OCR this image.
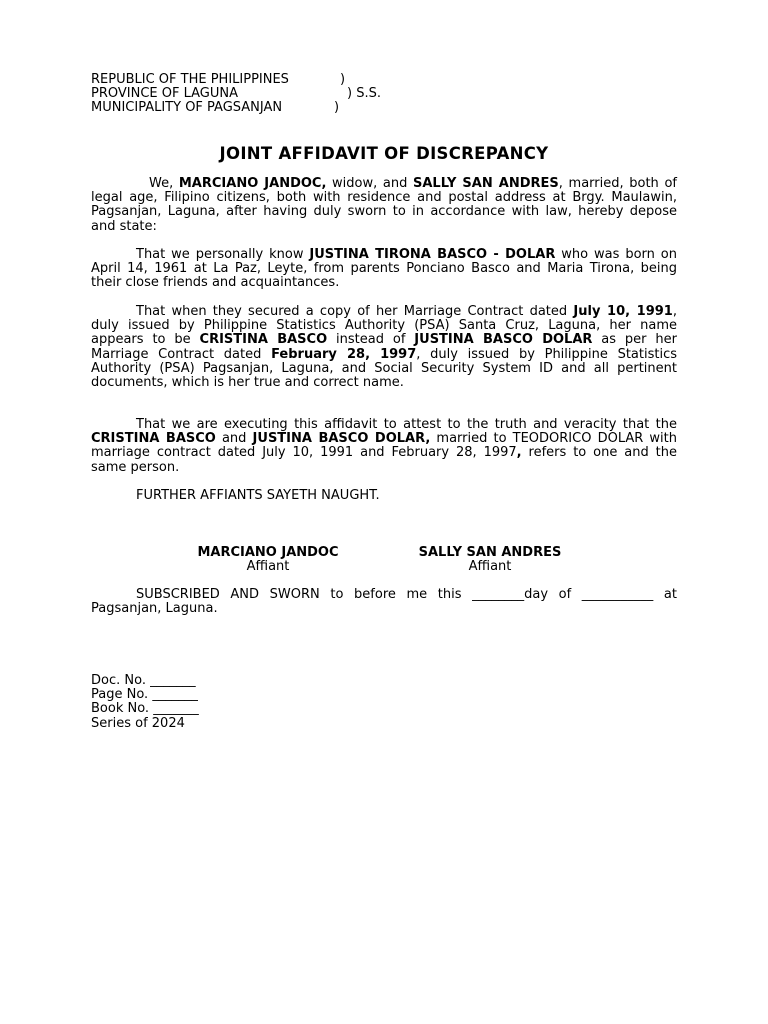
REPUBLIC OF THE PHILIPPINES	)
PROVINCE OF LAGUNA	) S.S.
MUNICIPALITY OF PAGSANJAN	)
JOINT AFFIDAVIT OF DISCREPANCY

We, MARCIANO JANDOC, widow, and SALLY SAN ANDRES, married, both of legal age, Filipino citizens, both with residence and postal address at Brgy. Maulawin, Pagsanjan, Laguna, after having duly sworn to in accordance with law, hereby depose and state:

That we personally know JUSTINA TIRONA BASCO - DOLAR who was born on April 14, 1961 at La Paz, Leyte, from parents Ponciano Basco and Maria Tirona, being their close friends and acquaintances.

That when they secured a copy of her Marriage Contract dated July 10, 1991, duly issued by Philippine Statistics Authority (PSA) Santa Cruz, Laguna, her name appears to be CRISTINA BASCO instead of JUSTINA BASCO DOLAR as per her Marriage Contract dated February 28, 1997, duly issued by Philippine Statistics Authority (PSA) Pagsanjan, Laguna, and Social Security System ID and all pertinent documents, which is her true and correct name.

That we are executing this affidavit to attest to the truth and veracity that the CRISTINA BASCO and JUSTINA BASCO DOLAR, married to TEODORICO DOLAR with marriage contract dated July 10, 1991 and February 28, 1997, refers to one and the same person.

FURTHER AFFIANTS SAYETH NAUGHT.

MARCIANO JANDOC
Affiant
SALLY SAN ANDRES
Affiant

SUBSCRIBED AND SWORN to before me this ________day of ___________ at Pagsanjan, Laguna.

Doc. No. _______
Page No. _______
Book No. _______
Series of 2024
